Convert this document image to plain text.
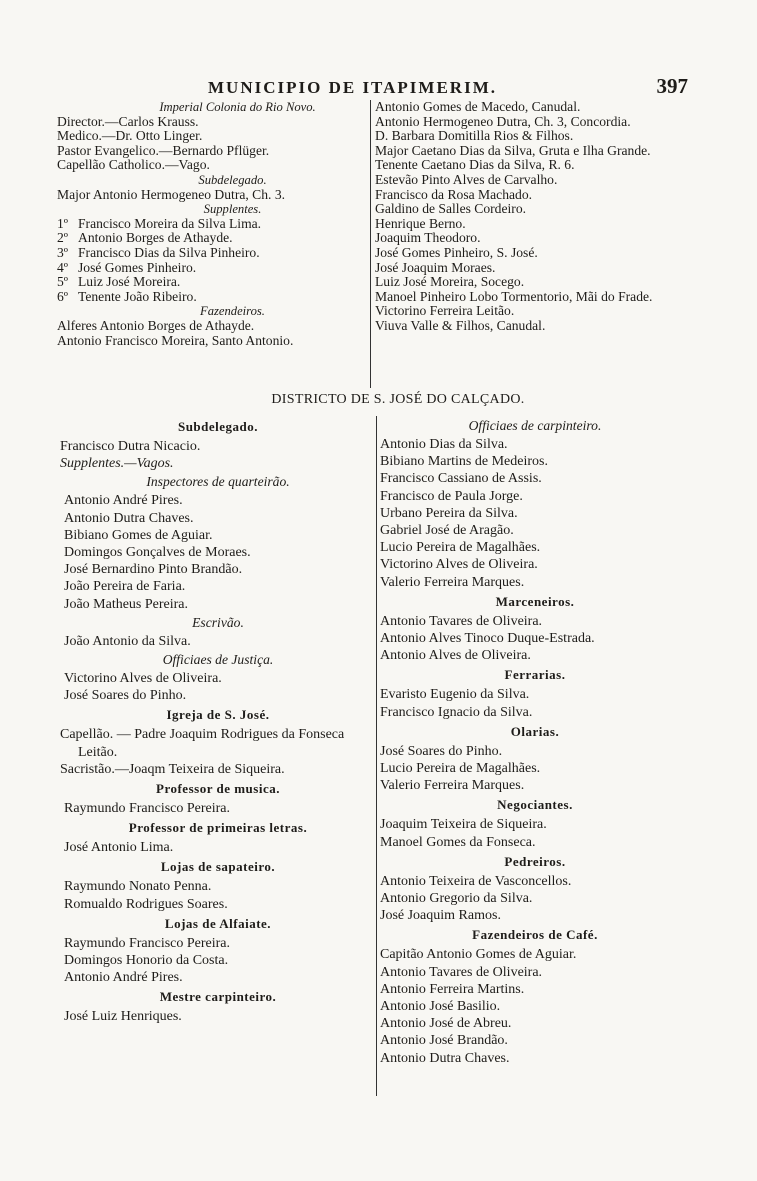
MUNICIPIO DE ITAPIMERIM.	397
Imperial Colonia do Rio Novo.
Director.—Carlos Krauss.
Medico.—Dr. Otto Linger.
Pastor Evangelico.—Bernardo Pflüger.
Capellão Catholico.—Vago.
Subdelegado.
Major Antonio Hermogeneo Dutra, Ch. 3.
Supplentes.
1º Francisco Moreira da Silva Lima.
2º Antonio Borges de Athayde.
3º Francisco Dias da Silva Pinheiro.
4º José Gomes Pinheiro.
5º Luiz José Moreira.
6º Tenente João Ribeiro.
Fazendeiros.
Alferes Antonio Borges de Athayde.
Antonio Francisco Moreira, Santo Antonio.
Antonio Gomes de Macedo, Canudal.
Antonio Hermogeneo Dutra, Ch. 3, Concordia.
D. Barbara Domitilla Rios & Filhos.
Major Caetano Dias da Silva, Gruta e Ilha Grande.
Tenente Caetano Dias da Silva, R. 6.
Estevão Pinto Alves de Carvalho.
Francisco da Rosa Machado.
Galdino de Salles Cordeiro.
Henrique Berno.
Joaquim Theodoro.
José Gomes Pinheiro, S. José.
José Joaquim Moraes.
Luiz José Moreira, Socego.
Manoel Pinheiro Lobo Tormentorio, Mãi do Frade.
Victorino Ferreira Leitão.
Viuva Valle & Filhos, Canudal.
DISTRICTO DE S. JOSÉ DO CALÇADO.
Subdelegado.
Francisco Dutra Nicacio.
Supplentes.—Vagos.
Inspectores de quarteirão.
Antonio André Pires.
Antonio Dutra Chaves.
Bibiano Gomes de Aguiar.
Domingos Gonçalves de Moraes.
José Bernardino Pinto Brandão.
João Pereira de Faria.
João Matheus Pereira.
Escrivão.
João Antonio da Silva.
Officiaes de Justiça.
Victorino Alves de Oliveira.
José Soares do Pinho.
Igreja de S. José.
Capellão. — Padre Joaquim Rodrigues da Fonseca Leitão.
Sacristão.—Joaqm Teixeira de Siqueira.
Professor de musica.
Raymundo Francisco Pereira.
Professor de primeiras letras.
José Antonio Lima.
Lojas de sapateiro.
Raymundo Nonato Penna.
Romualdo Rodrigues Soares.
Lojas de Alfaiate.
Raymundo Francisco Pereira.
Domingos Honorio da Costa.
Antonio André Pires.
Mestre carpinteiro.
José Luiz Henriques.
Officiaes de carpinteiro.
Antonio Dias da Silva.
Bibiano Martins de Medeiros.
Francisco Cassiano de Assis.
Francisco de Paula Jorge.
Urbano Pereira da Silva.
Gabriel José de Aragão.
Lucio Pereira de Magalhães.
Victorino Alves de Oliveira.
Valerio Ferreira Marques.
Marceneiros.
Antonio Tavares de Oliveira.
Antonio Alves Tinoco Duque-Estrada.
Antonio Alves de Oliveira.
Ferrarias.
Evaristo Eugenio da Silva.
Francisco Ignacio da Silva.
Olarias.
José Soares do Pinho.
Lucio Pereira de Magalhães.
Valerio Ferreira Marques.
Negociantes.
Joaquim Teixeira de Siqueira.
Manoel Gomes da Fonseca.
Pedreiros.
Antonio Teixeira de Vasconcellos.
Antonio Gregorio da Silva.
José Joaquim Ramos.
Fazendeiros de Café.
Capitão Antonio Gomes de Aguiar.
Antonio Tavares de Oliveira.
Antonio Ferreira Martins.
Antonio José Basilio.
Antonio José de Abreu.
Antonio José Brandão.
Antonio Dutra Chaves.
